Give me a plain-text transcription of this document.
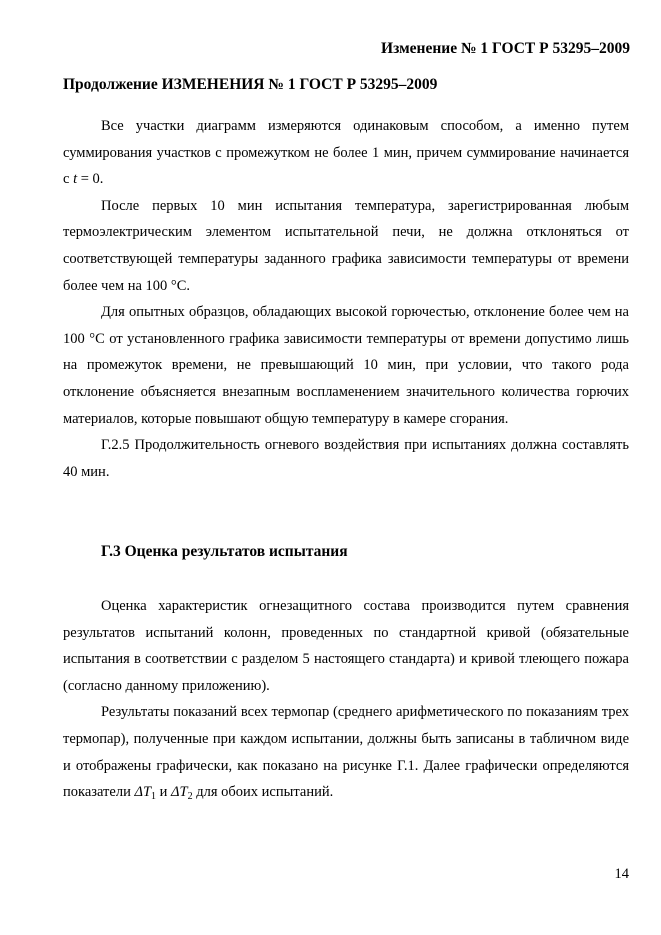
Изменение № 1 ГОСТ Р 53295–2009
Продолжение ИЗМЕНЕНИЯ № 1 ГОСТ Р 53295–2009

Все участки диаграмм измеряются одинаковым способом, а именно путем суммирования участков с промежутком не более 1 мин, причем суммирование начинается с t = 0.

После первых 10 мин испытания температура, зарегистрированная любым термоэлектрическим элементом испытательной печи, не должна отклоняться от соответствующей температуры заданного графика зависимости температуры от времени более чем на 100 °С.

Для опытных образцов, обладающих высокой горючестью, отклонение более чем на 100 °С от установленного графика зависимости температуры от времени допустимо лишь на промежуток времени, не превышающий 10 мин, при условии, что такого рода отклонение объясняется внезапным воспламенением значительного количества горючих материалов, которые повышают общую температуру в камере сгорания.

Г.2.5 Продолжительность огневого воздействия при испытаниях должна составлять 40 мин.

Г.3 Оценка результатов испытания

Оценка характеристик огнезащитного состава производится путем сравнения результатов испытаний колонн, проведенных по стандартной кривой (обязательные испытания в соответствии с разделом 5 настоящего стандарта) и кривой тлеющего пожара (согласно данному приложению).

Результаты показаний всех термопар (среднего арифметического по показаниям трех термопар), полученные при каждом испытании, должны быть записаны в табличном виде и отображены графически, как показано на рисунке Г.1. Далее графически определяются показатели $\Delta T_1$ и $\Delta T_2$ для обоих испытаний.

14
